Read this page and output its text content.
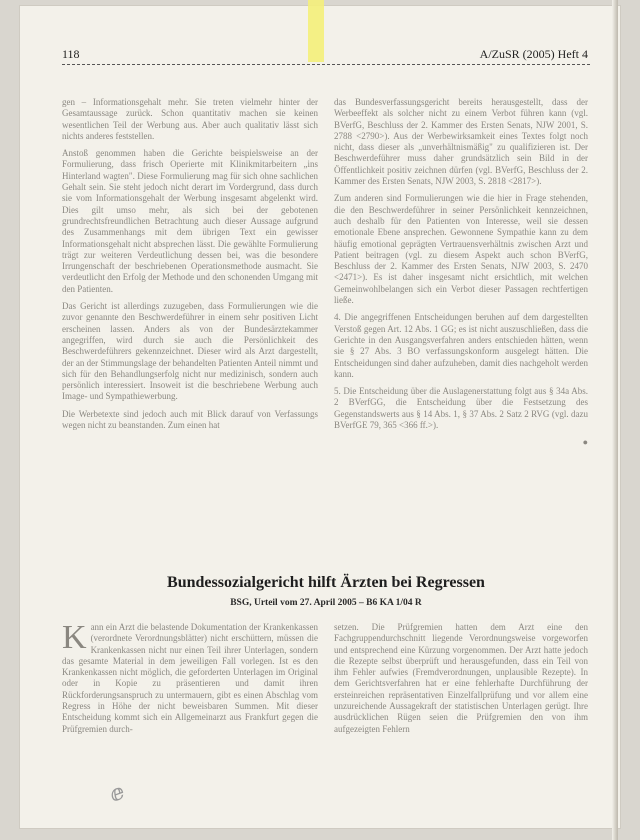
118	A/ZuSR (2005) Heft 4

gen – Informationsgehalt mehr. Sie treten vielmehr hinter der Gesamtaussage zurück. Schon quantitativ machen sie keinen wesentlichen Teil der Werbung aus. Aber auch qualitativ lässt sich nichts anderes feststellen.

Anstoß genommen haben die Gerichte beispielsweise an der Formulierung, dass frisch Operierte mit Klinikmitarbeitern „ins Hinterland wagten". Diese Formulierung mag für sich ohne sachlichen Gehalt sein. Sie steht jedoch nicht derart im Vordergrund, dass durch sie vom Informationsgehalt der Werbung insgesamt abgelenkt wird. Dies gilt umso mehr, als sich bei der gebotenen grundrechtsfreundlichen Betrachtung auch dieser Aussage aufgrund des Zusammenhangs mit dem übrigen Text ein gewisser Informationsgehalt nicht absprechen lässt. Die gewählte Formulierung trägt zur weiteren Verdeutlichung dessen bei, was die besondere Irrungenschaft der beschriebenen Operationsmethode ausmacht. Sie verdeutlicht den Erfolg der Methode und den schonenden Umgang mit den Patienten.

Das Gericht ist allerdings zuzugeben, dass Formulierungen wie die zuvor genannte den Beschwerdeführer in einem sehr positiven Licht erscheinen lassen. Anders als von der Bundesärztekammer angegriffen, wird durch sie auch die Persönlichkeit des Beschwerdeführers gekennzeichnet. Dieser wird als Arzt dargestellt, der an der Stimmungslage der behandelten Patienten Anteil nimmt und sich für den Behandlungserfolg nicht nur medizinisch, sondern auch persönlich interessiert. Insoweit ist die beschriebene Werbung auch Image- und Sympathiewerbung.

Die Werbetexte sind jedoch auch mit Blick darauf von Verfassungs wegen nicht zu beanstanden. Zum einen hat

das Bundesverfassungsgericht bereits herausgestellt, dass der Werbeeffekt als solcher nicht zu einem Verbot führen kann (vgl. BVerfG, Beschluss der 2. Kammer des Ersten Senats, NJW 2001, S. 2788 <2790>). Aus der Werbewirksamkeit eines Textes folgt noch nicht, dass dieser als „unverhältnismäßig" zu qualifizieren ist. Der Beschwerdeführer muss daher grundsätzlich sein Bild in der Öffentlichkeit positiv zeichnen dürfen (vgl. BVerfG, Beschluss der 2. Kammer des Ersten Senats, NJW 2003, S. 2818 <2817>).

Zum anderen sind Formulierungen wie die hier in Frage stehenden, die den Beschwerdeführer in seiner Persönlichkeit kennzeichnen, auch deshalb für den Patienten von Interesse, weil sie dessen emotionale Ebene ansprechen. Gewonnene Sympathie kann zu dem häufig emotional geprägten Vertrauensverhältnis zwischen Arzt und Patient beitragen (vgl. zu diesem Aspekt auch schon BVerfG, Beschluss der 2. Kammer des Ersten Senats, NJW 2003, S. 2470 <2471>). Es ist daher insgesamt nicht ersichtlich, mit welchen Gemeinwohlbelangen sich ein Verbot dieser Passagen rechtfertigen ließe.

4. Die angegriffenen Entscheidungen beruhen auf dem dargestellten Verstoß gegen Art. 12 Abs. 1 GG; es ist nicht auszuschließen, dass die Gerichte in den Ausgangsverfahren anders entschieden hätten, wenn sie § 27 Abs. 3 BO verfassungskonform ausgelegt hätten. Die Entscheidungen sind daher aufzuheben, damit dies nachgeholt werden kann.

5. Die Entscheidung über die Auslagenerstattung folgt aus § 34a Abs. 2 BVerfGG, die Entscheidung über die Festsetzung des Gegenstandswerts aus § 14 Abs. 1, § 37 Abs. 2 Satz 2 RVG (vgl. dazu BVerfGE 79, 365 <366 ff.>).

●

Bundessozialgericht hilft Ärzten bei Regressen
BSG, Urteil vom 27. April 2005 – B6 KA 1/04 R

K ann ein Arzt die belastende Dokumentation der Krankenkassen (verordnete Verordnungsblätter) nicht erschüttern, müssen die Krankenkassen nicht nur einen Teil ihrer Unterlagen, sondern das gesamte Material in dem jeweiligen Fall vorlegen. Ist es den Krankenkassen nicht möglich, die geforderten Unterlagen im Original oder in Kopie zu präsentieren und damit ihren Rückforderungsanspruch zu untermauern, gibt es einen Abschlag vom Regress in Höhe der nicht beweisbaren Summen. Mit dieser Entscheidung kommt sich ein Allgemeinarzt aus Frankfurt gegen die Prüfgremien durch-

setzen. Die Prüfgremien hatten dem Arzt eine den Fachgruppendurchschnitt liegende Verordnungsweise vorgeworfen und entsprechend eine Kürzung vorgenommen. Der Arzt hatte jedoch die Rezepte selbst überprüft und herausgefunden, dass ein Teil von ihm Fehler aufwies (Fremdverordnungen, unplausible Rezepte). In dem Gerichtsverfahren hat er eine fehlerhafte Durchführung der ersteinreichen repräsentativen Einzelfallprüfung und vor allem eine unzureichende Aussagekraft der statistischen Unterlagen gerügt. Ihre ausdrücklichen Rügen seien die Prüfgremien den von ihm aufgezeigten Fehlern

ⅇ
